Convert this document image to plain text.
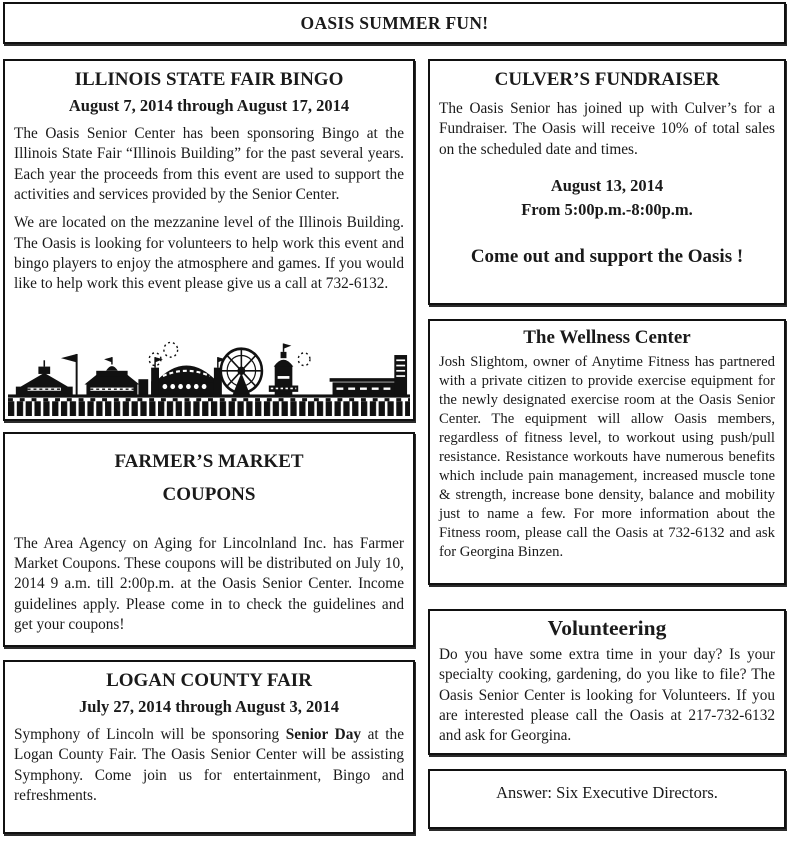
OASIS SUMMER FUN!
ILLINOIS STATE FAIR BINGO
August 7, 2014 through August 17, 2014

The Oasis Senior Center has been sponsoring Bingo at the Illinois State Fair “Illinois Building” for the past several years. Each year the proceeds from this event are used to support the activities and services provided by the Senior Center.

We are located on the mezzanine level of the Illinois Building. The Oasis is looking for volunteers to help work this event and bingo players to enjoy the atmosphere and games. If you would like to help work this event please give us a call at 732-6132.

FARMER’S MARKET
COUPONS

The Area Agency on Aging for Lincolnland Inc. has Farmer Market Coupons. These coupons will be distributed on July 10, 2014 9 a.m. till 2:00p.m. at the Oasis Senior Center. Income guidelines apply. Please come in to check the guidelines and get your coupons!

LOGAN COUNTY FAIR
July 27, 2014 through August 3, 2014

Symphony of Lincoln will be sponsoring Senior Day at the Logan County Fair. The Oasis Senior Center will be assisting Symphony. Come join us for entertainment, Bingo and refreshments.

CULVER’S FUNDRAISER

The Oasis Senior has joined up with Culver’s for a Fundraiser. The Oasis will receive 10% of total sales on the scheduled date and times.

August 13, 2014
From 5:00p.m.-8:00p.m.
Come out and support the Oasis !
The Wellness Center

Josh Slightom, owner of Anytime Fitness has partnered with a private citizen to provide exercise equipment for the newly designated exercise room at the Oasis Senior Center. The equipment will allow Oasis members, regardless of fitness level, to workout using push/pull resistance. Resistance workouts have numerous benefits which include pain management, increased muscle tone & strength, increase bone density, balance and mobility just to name a few. For more information about the Fitness room, please call the Oasis at 732-6132 and ask for Georgina Binzen.

Volunteering

Do you have some extra time in your day? Is your specialty cooking, gardening, do you like to file? The Oasis Senior Center is looking for Volunteers. If you are interested please call the Oasis at 217-732-6132 and ask for Georgina.

Answer: Six Executive Directors.
